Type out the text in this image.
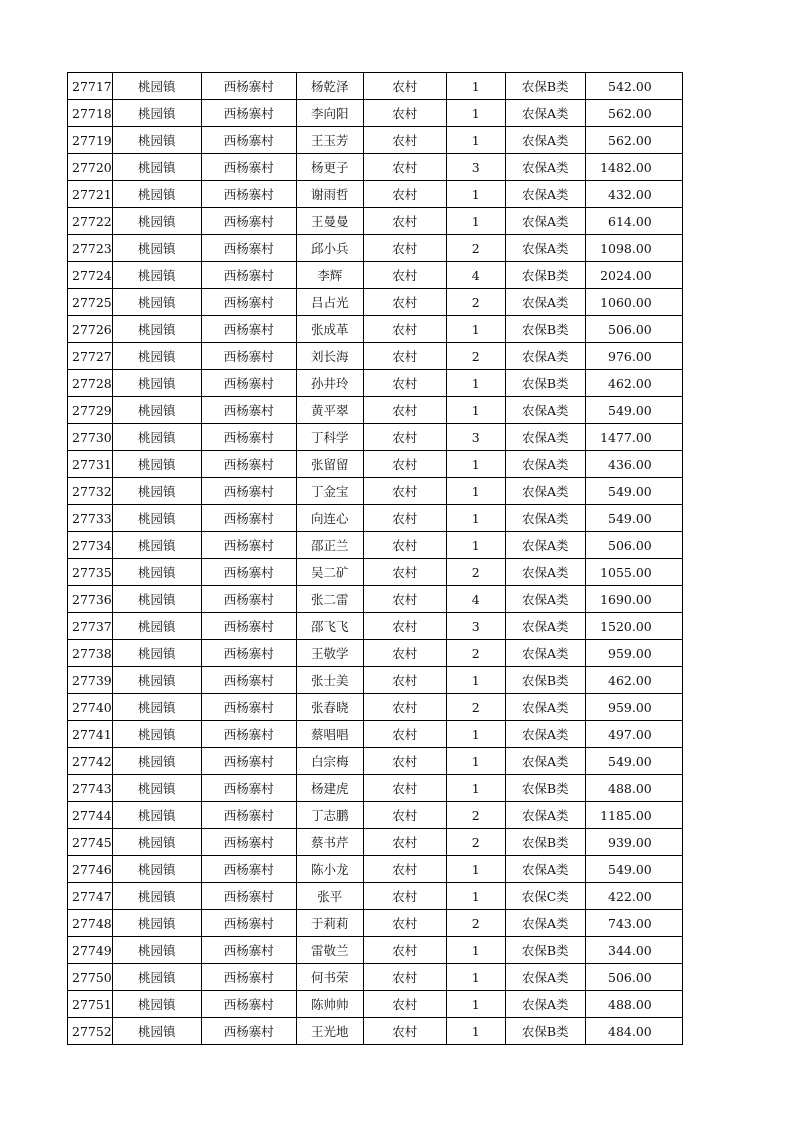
27717	桃园镇	西杨寨村	杨乾泽	农村	1	农保B类	542.00
27718	桃园镇	西杨寨村	李向阳	农村	1	农保A类	562.00
27719	桃园镇	西杨寨村	王玉芳	农村	1	农保A类	562.00
27720	桃园镇	西杨寨村	杨更子	农村	3	农保A类	1482.00
27721	桃园镇	西杨寨村	谢雨哲	农村	1	农保A类	432.00
27722	桃园镇	西杨寨村	王曼曼	农村	1	农保A类	614.00
27723	桃园镇	西杨寨村	邱小兵	农村	2	农保A类	1098.00
27724	桃园镇	西杨寨村	李辉	农村	4	农保B类	2024.00
27725	桃园镇	西杨寨村	吕占光	农村	2	农保A类	1060.00
27726	桃园镇	西杨寨村	张成革	农村	1	农保B类	506.00
27727	桃园镇	西杨寨村	刘长海	农村	2	农保A类	976.00
27728	桃园镇	西杨寨村	孙井玲	农村	1	农保B类	462.00
27729	桃园镇	西杨寨村	黄平翠	农村	1	农保A类	549.00
27730	桃园镇	西杨寨村	丁科学	农村	3	农保A类	1477.00
27731	桃园镇	西杨寨村	张留留	农村	1	农保A类	436.00
27732	桃园镇	西杨寨村	丁金宝	农村	1	农保A类	549.00
27733	桃园镇	西杨寨村	向连心	农村	1	农保A类	549.00
27734	桃园镇	西杨寨村	邵正兰	农村	1	农保A类	506.00
27735	桃园镇	西杨寨村	吴二矿	农村	2	农保A类	1055.00
27736	桃园镇	西杨寨村	张二雷	农村	4	农保A类	1690.00
27737	桃园镇	西杨寨村	邵飞飞	农村	3	农保A类	1520.00
27738	桃园镇	西杨寨村	王敬学	农村	2	农保A类	959.00
27739	桃园镇	西杨寨村	张士美	农村	1	农保B类	462.00
27740	桃园镇	西杨寨村	张春晓	农村	2	农保A类	959.00
27741	桃园镇	西杨寨村	蔡唱唱	农村	1	农保A类	497.00
27742	桃园镇	西杨寨村	白宗梅	农村	1	农保A类	549.00
27743	桃园镇	西杨寨村	杨建虎	农村	1	农保B类	488.00
27744	桃园镇	西杨寨村	丁志鹏	农村	2	农保A类	1185.00
27745	桃园镇	西杨寨村	蔡书芹	农村	2	农保B类	939.00
27746	桃园镇	西杨寨村	陈小龙	农村	1	农保A类	549.00
27747	桃园镇	西杨寨村	张平	农村	1	农保C类	422.00
27748	桃园镇	西杨寨村	于莉莉	农村	2	农保A类	743.00
27749	桃园镇	西杨寨村	雷敬兰	农村	1	农保B类	344.00
27750	桃园镇	西杨寨村	何书荣	农村	1	农保A类	506.00
27751	桃园镇	西杨寨村	陈帅帅	农村	1	农保A类	488.00
27752	桃园镇	西杨寨村	王光地	农村	1	农保B类	484.00
